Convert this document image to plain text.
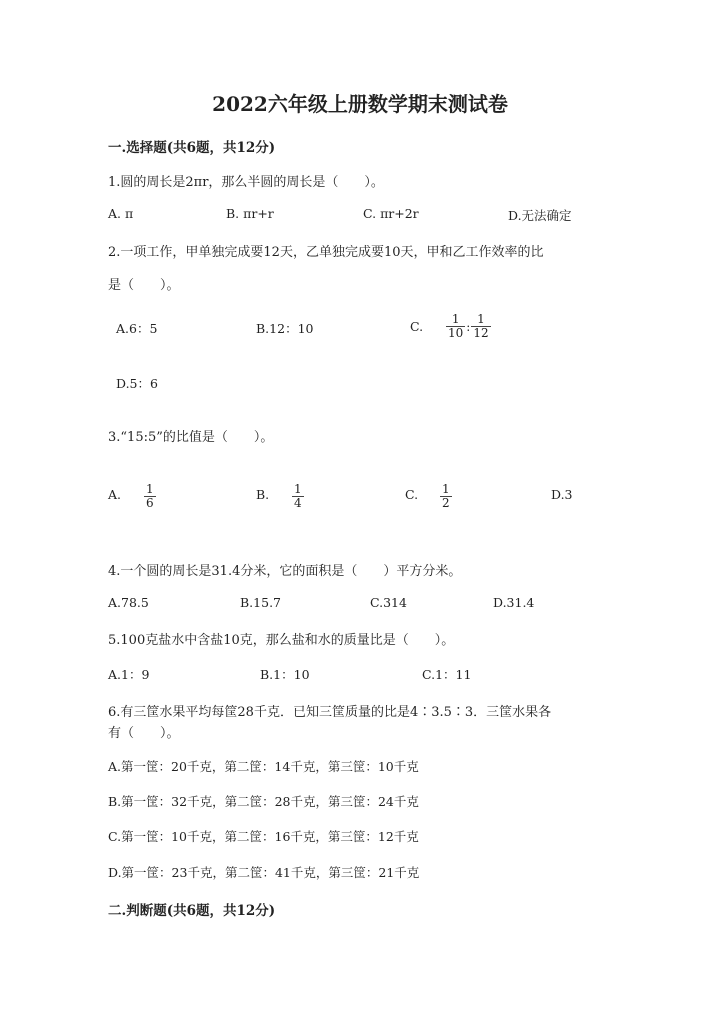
2022六年级上册数学期末测试卷
一.选择题(共6题，共12分)
1.圆的周长是2πr，那么半圆的周长是（　　）。
A. π	B. πr+r	C. πr+2r	D.无法确定
2.一项工作，甲单独完成要12天，乙单独完成要10天，甲和乙工作效率的比
是（　　）。
A.6：5	B.12：10	C. $\frac{1}{10}$ : $\frac{1}{12}$
D.5：6
3.“15:5”的比值是（　　）。
A. $\frac{1}{6}$	B. $\frac{1}{4}$	C. $\frac{1}{2}$	D.3
4.一个圆的周长是31.4分米，它的面积是（　　）平方分米。
A.78.5	B.15.7	C.314	D.31.4
5.100克盐水中含盐10克，那么盐和水的质量比是（　　）。
A.1：9	B.1：10	C.1：11
6.有三筐水果平均每筐28千克．已知三筐质量的比是4∶3.5∶3．三筐水果各
有（　　）。
A.第一筐：20千克，第二筐：14千克，第三筐：10千克
B.第一筐：32千克，第二筐：28千克，第三筐：24千克
C.第一筐：10千克，第二筐：16千克，第三筐：12千克
D.第一筐：23千克，第二筐：41千克，第三筐：21千克
二.判断题(共6题，共12分)
